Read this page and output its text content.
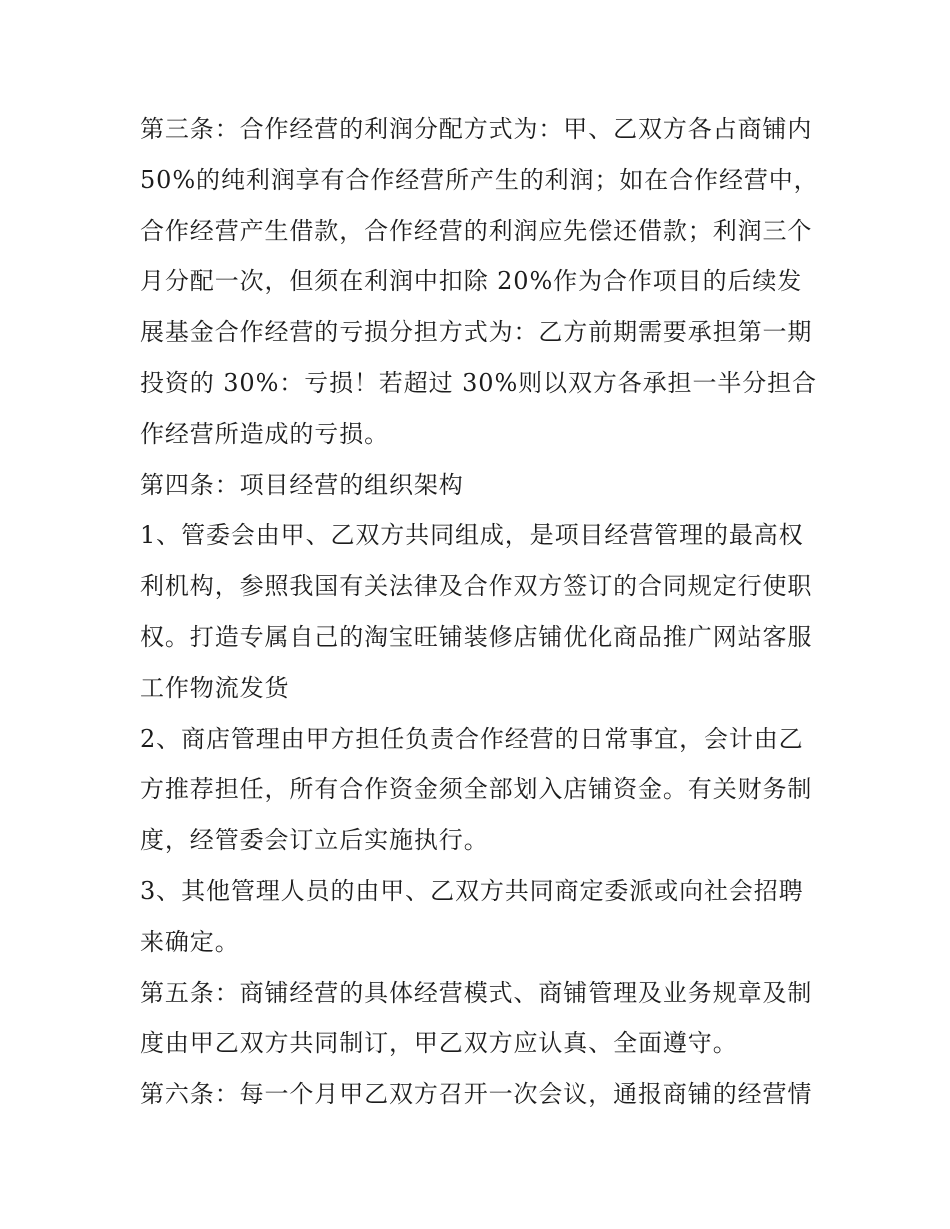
第三条：合作经营的利润分配方式为：甲、乙双方各占商铺内
50%的纯利润享有合作经营所产生的利润；如在合作经营中，
合作经营产生借款，合作经营的利润应先偿还借款；利润三个
月分配一次，但须在利润中扣除 20%作为合作项目的后续发
展基金合作经营的亏损分担方式为：乙方前期需要承担第一期
投资的 30%：亏损！若超过 30%则以双方各承担一半分担合
作经营所造成的亏损。
第四条：项目经营的组织架构
1、管委会由甲、乙双方共同组成，是项目经营管理的最高权
利机构，参照我国有关法律及合作双方签订的合同规定行使职
权。打造专属自己的淘宝旺铺装修店铺优化商品推广网站客服
工作物流发货
2、商店管理由甲方担任负责合作经营的日常事宜，会计由乙
方推荐担任，所有合作资金须全部划入店铺资金。有关财务制
度，经管委会订立后实施执行。
3、其他管理人员的由甲、乙双方共同商定委派或向社会招聘
来确定。
第五条：商铺经营的具体经营模式、商铺管理及业务规章及制
度由甲乙双方共同制订，甲乙双方应认真、全面遵守。
第六条：每一个月甲乙双方召开一次会议，通报商铺的经营情
